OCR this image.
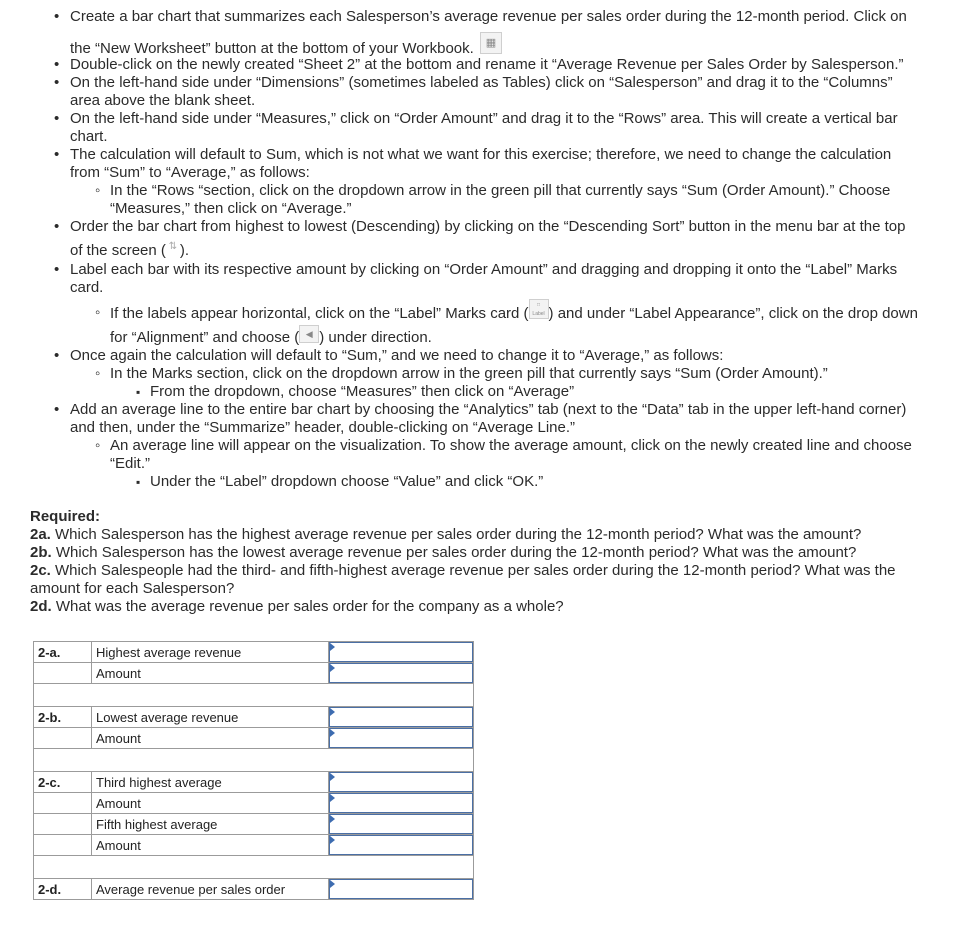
• Create a bar chart that summarizes each Salesperson’s average revenue per sales order during the 12-month period. Click on
the “New Worksheet” button at the bottom of your Workbook. ▦
• Double-click on the newly created “Sheet 2” at the bottom and rename it “Average Revenue per Sales Order by Salesperson.”
• On the left-hand side under “Dimensions” (sometimes labeled as Tables) click on “Salesperson” and drag it to the “Columns”
area above the blank sheet.
• On the left-hand side under “Measures,” click on “Order Amount” and drag it to the “Rows” area. This will create a vertical bar
chart.
• The calculation will default to Sum, which is not what we want for this exercise; therefore, we need to change the calculation
from “Sum” to “Average,” as follows:
◦ In the “Rows “section, click on the dropdown arrow in the green pill that currently says “Sum (Order Amount).” Choose
“Measures,” then click on “Average.”
• Order the bar chart from highest to lowest (Descending) by clicking on the “Descending Sort” button in the menu bar at the top
of the screen ( ⇅ ).
• Label each bar with its respective amount by clicking on “Order Amount” and dragging and dropping it onto the “Label” Marks
card.
◦ If the labels appear horizontal, click on the “Label” Marks card ( □
Label ) and under “Label Appearance”, click on the drop down
for “Alignment” and choose ( ◀ ) under direction.
• Once again the calculation will default to “Sum,” and we need to change it to “Average,” as follows:
◦ In the Marks section, click on the dropdown arrow in the green pill that currently says “Sum (Order Amount).”
▪ From the dropdown, choose “Measures” then click on “Average”
• Add an average line to the entire bar chart by choosing the “Analytics” tab (next to the “Data” tab in the upper left-hand corner)
and then, under the “Summarize” header, double-clicking on “Average Line.”
◦ An average line will appear on the visualization. To show the average amount, click on the newly created line and choose
“Edit.”
▪ Under the “Label” dropdown choose “Value” and click “OK.”

Required:

2a. Which Salesperson has the highest average revenue per sales order during the 12-month period? What was the amount?

2b. Which Salesperson has the lowest average revenue per sales order during the 12-month period? What was the amount?

2c. Which Salespeople had the third- and fifth-highest average revenue per sales order during the 12-month period? What was the
amount for each Salesperson?

2d. What was the average revenue per sales order for the company as a whole?

2-a.	Highest average revenue	

	Amount	

2-b.	Lowest average revenue	

	Amount	

2-c.	Third highest average	

	Amount	

	Fifth highest average	

	Amount	

2-d.	Average revenue per sales order	
